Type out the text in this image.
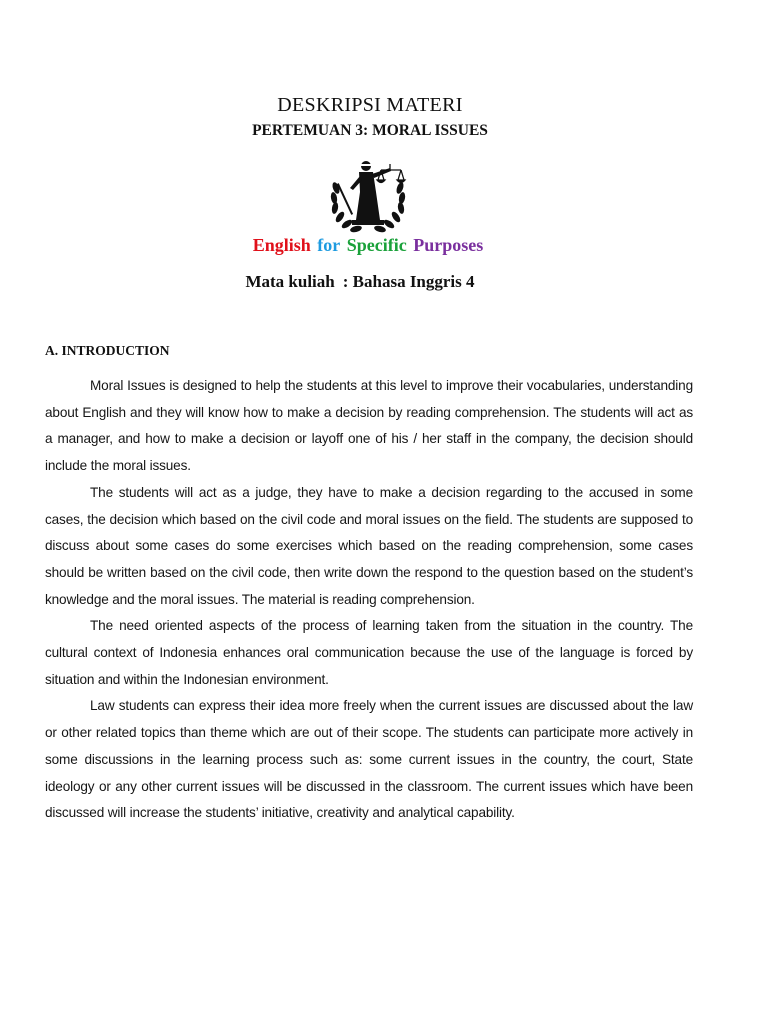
DESKRIPSI MATERI
PERTEMUAN 3: MORAL ISSUES
English for Specific Purposes
Mata kuliah : Bahasa Inggris 4
A. INTRODUCTION

Moral Issues is designed to help the students at this level to improve their vocabularies, understanding about English and they will know how to make a decision by reading comprehension. The students will act as a manager, and how to make a decision or layoff one of his / her staff in the company, the decision should include the moral issues.

The students will act as a judge, they have to make a decision regarding to the accused in some cases, the decision which based on the civil code and moral issues on the field. The students are supposed to discuss about some cases do some exercises which based on the reading comprehension, some cases should be written based on the civil code, then write down the respond to the question based on the student’s knowledge and the moral issues. The material is reading comprehension.

The need oriented aspects of the process of learning taken from the situation in the country. The cultural context of Indonesia enhances oral communication because the use of the language is forced by situation and within the Indonesian environment.

Law students can express their idea more freely when the current issues are discussed about the law or other related topics than theme which are out of their scope. The students can participate more actively in some discussions in the learning process such as: some current issues in the country, the court, State ideology or any other current issues will be discussed in the classroom. The current issues which have been discussed will increase the students’ initiative, creativity and analytical capability.
